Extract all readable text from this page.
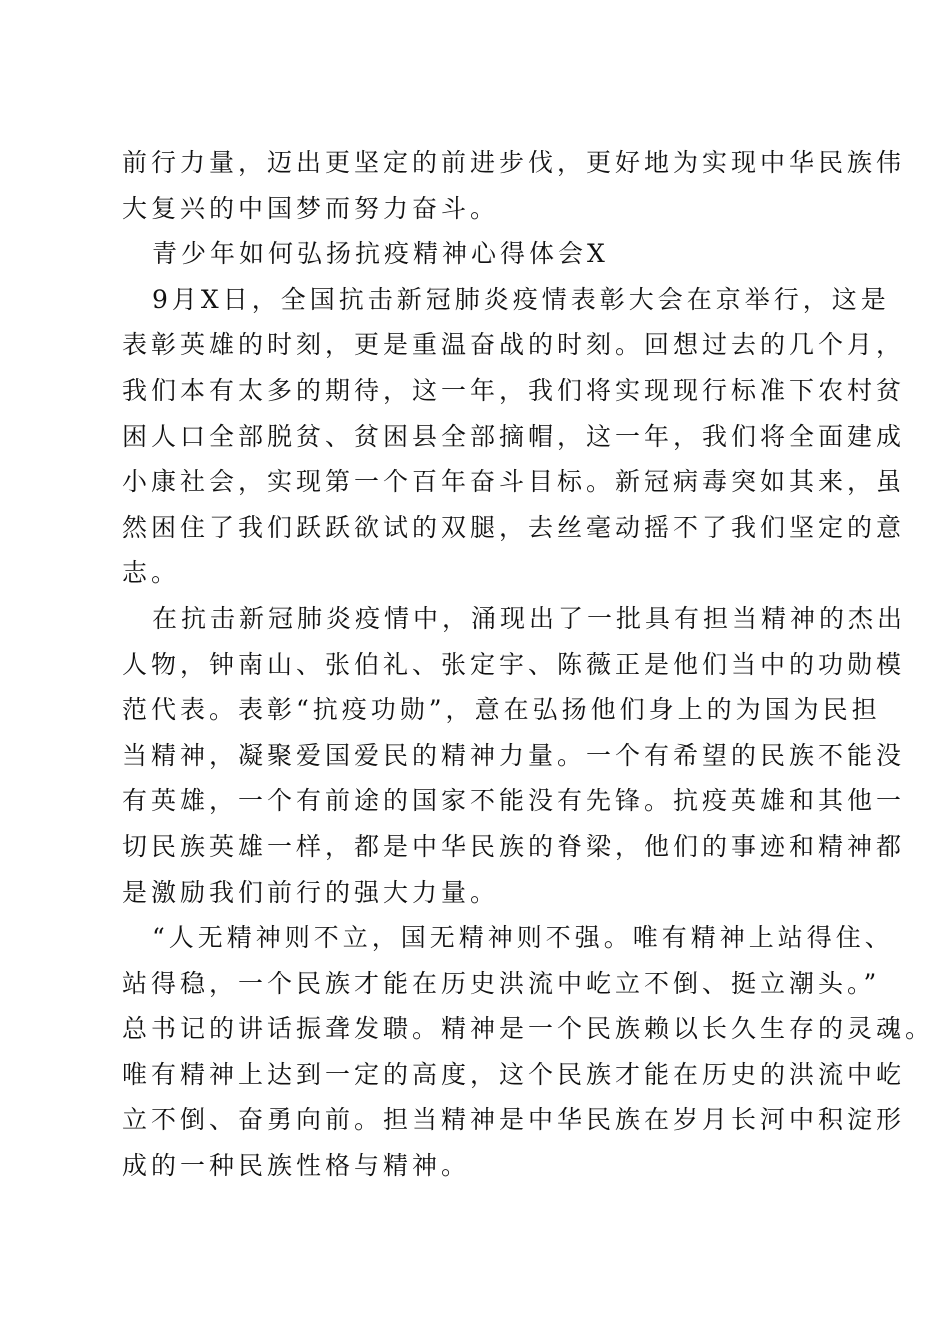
前行力量，迈出更坚定的前进步伐，更好地为实现中华民族伟
大复兴的中国梦而努力奋斗。
青少年如何弘扬抗疫精神心得体会X
9月X日，全国抗击新冠肺炎疫情表彰大会在京举行，这是
表彰英雄的时刻，更是重温奋战的时刻。回想过去的几个月，
我们本有太多的期待，这一年，我们将实现现行标准下农村贫
困人口全部脱贫、贫困县全部摘帽，这一年，我们将全面建成
小康社会，实现第一个百年奋斗目标。新冠病毒突如其来，虽
然困住了我们跃跃欲试的双腿，去丝毫动摇不了我们坚定的意
志。
在抗击新冠肺炎疫情中，涌现出了一批具有担当精神的杰出
人物，钟南山、张伯礼、张定宇、陈薇正是他们当中的功勋模
范代表。表彰“抗疫功勋”，意在弘扬他们身上的为国为民担
当精神，凝聚爱国爱民的精神力量。一个有希望的民族不能没
有英雄，一个有前途的国家不能没有先锋。抗疫英雄和其他一
切民族英雄一样，都是中华民族的脊梁，他们的事迹和精神都
是激励我们前行的强大力量。
“人无精神则不立，国无精神则不强。唯有精神上站得住、
站得稳，一个民族才能在历史洪流中屹立不倒、挺立潮头。”
总书记的讲话振聋发聩。精神是一个民族赖以长久生存的灵魂。
唯有精神上达到一定的高度，这个民族才能在历史的洪流中屹
立不倒、奋勇向前。担当精神是中华民族在岁月长河中积淀形
成的一种民族性格与精神。
